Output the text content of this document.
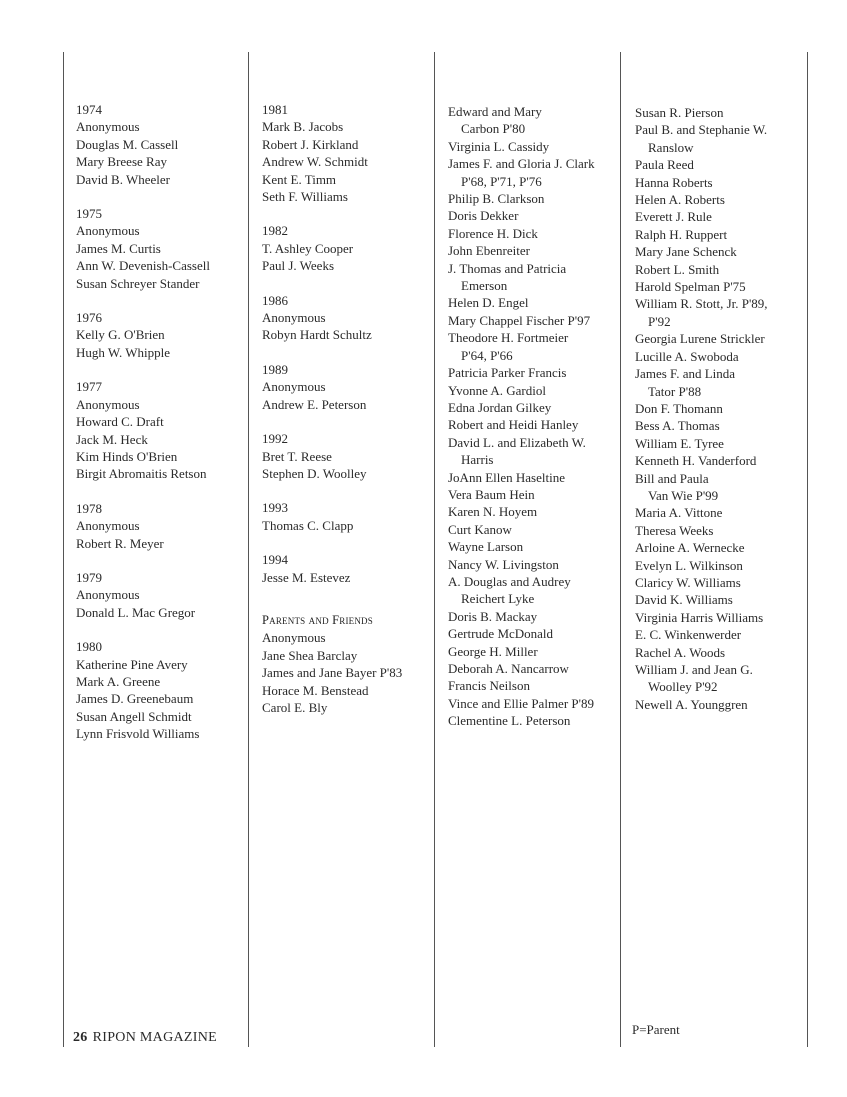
1974
Anonymous
Douglas M. Cassell
Mary Breese Ray
David B. Wheeler
1975
Anonymous
James M. Curtis
Ann W. Devenish-Cassell
Susan Schreyer Stander
1976
Kelly G. O'Brien
Hugh W. Whipple
1977
Anonymous
Howard C. Draft
Jack M. Heck
Kim Hinds O'Brien
Birgit Abromaitis Retson
1978
Anonymous
Robert R. Meyer
1979
Anonymous
Donald L. Mac Gregor
1980
Katherine Pine Avery
Mark A. Greene
James D. Greenebaum
Susan Angell Schmidt
Lynn Frisvold Williams
1981
Mark B. Jacobs
Robert J. Kirkland
Andrew W. Schmidt
Kent E. Timm
Seth F. Williams
1982
T. Ashley Cooper
Paul J. Weeks
1986
Anonymous
Robyn Hardt Schultz
1989
Anonymous
Andrew E. Peterson
1992
Bret T. Reese
Stephen D. Woolley
1993
Thomas C. Clapp
1994
Jesse M. Estevez
Parents and Friends
Anonymous
Jane Shea Barclay
James and Jane Bayer P'83
Horace M. Benstead
Carol E. Bly
Edward and Mary
Carbon P'80
Virginia L. Cassidy
James F. and Gloria J. Clark
P'68, P'71, P'76
Philip B. Clarkson
Doris Dekker
Florence H. Dick
John Ebenreiter
J. Thomas and Patricia
Emerson
Helen D. Engel
Mary Chappel Fischer P'97
Theodore H. Fortmeier
P'64, P'66
Patricia Parker Francis
Yvonne A. Gardiol
Edna Jordan Gilkey
Robert and Heidi Hanley
David L. and Elizabeth W.
Harris
JoAnn Ellen Haseltine
Vera Baum Hein
Karen N. Hoyem
Curt Kanow
Wayne Larson
Nancy W. Livingston
A. Douglas and Audrey
Reichert Lyke
Doris B. Mackay
Gertrude McDonald
George H. Miller
Deborah A. Nancarrow
Francis Neilson
Vince and Ellie Palmer P'89
Clementine L. Peterson
Susan R. Pierson
Paul B. and Stephanie W.
Ranslow
Paula Reed
Hanna Roberts
Helen A. Roberts
Everett J. Rule
Ralph H. Ruppert
Mary Jane Schenck
Robert L. Smith
Harold Spelman P'75
William R. Stott, Jr. P'89,
P'92
Georgia Lurene Strickler
Lucille A. Swoboda
James F. and Linda
Tator P'88
Don F. Thomann
Bess A. Thomas
William E. Tyree
Kenneth H. Vanderford
Bill and Paula
Van Wie P'99
Maria A. Vittone
Theresa Weeks
Arloine A. Wernecke
Evelyn L. Wilkinson
Claricy W. Williams
David K. Williams
Virginia Harris Williams
E. C. Winkenwerder
Rachel A. Woods
William J. and Jean G.
Woolley P'92
Newell A. Younggren
26 RIPON MAGAZINE
P=Parent
